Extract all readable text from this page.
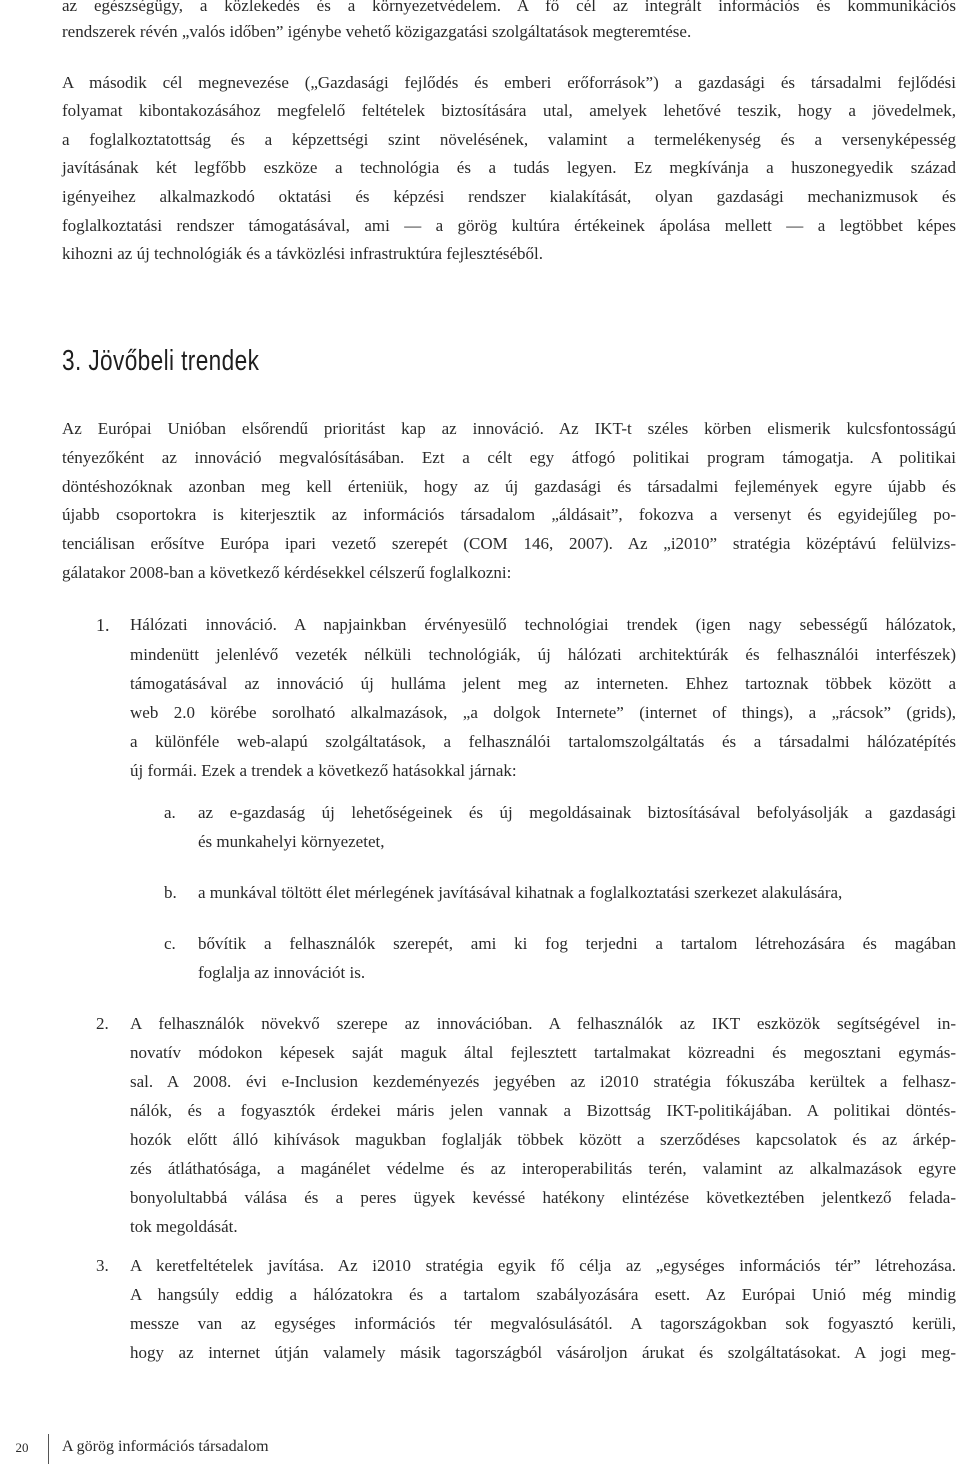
az egészségügy, a közlekedés és a környezetvédelem. A fő cél az integrált információs és kommunikációs
rendszerek révén „valós időben” igénybe vehető közigazgatási szolgáltatások megteremtése.
A második cél megnevezése („Gazdasági fejlődés és emberi erőforrások”) a gazdasági és társadalmi fejlődési
folyamat kibontakozásához megfelelő feltételek biztosítására utal, amelyek lehetővé teszik, hogy a jövedelmek,
a foglalkoztatottság és a képzettségi szint növelésének, valamint a termelékenység és a versenyképesség
javításának két legfőbb eszköze a technológia és a tudás legyen. Ez megkívánja a huszonegyedik század
igényeihez alkalmazkodó oktatási és képzési rendszer kialakítását, olyan gazdasági mechanizmusok és
foglalkoztatási rendszer támogatásával, ami — a görög kultúra értékeinek ápolása mellett — a legtöbbet képes
kihozni az új technológiák és a távközlési infrastruktúra fejlesztéséből.
3. Jövőbeli trendek
Az Európai Unióban elsőrendű prioritást kap az innováció. Az IKT-t széles körben elismerik kulcsfontosságú
tényezőként az innováció megvalósításában. Ezt a célt egy átfogó politikai program támogatja. A politikai
döntéshozóknak azonban meg kell érteniük, hogy az új gazdasági és társadalmi fejlemények egyre újabb és
újabb csoportokra is kiterjesztik az információs társadalom „áldásait”, fokozva a versenyt és egyidejűleg po-
tenciálisan erősítve Európa ipari vezető szerepét (COM 146, 2007). Az „i2010” stratégia középtávú felülvizs-
gálatakor 2008-ban a következő kérdésekkel célszerű foglalkozni:
1. Hálózati innováció. A napjainkban érvényesülő technológiai trendek (igen nagy sebességű hálózatok,
mindenütt jelenlévő vezeték nélküli technológiák, új hálózati architektúrák és felhasználói interfészek)
támogatásával az innováció új hulláma jelent meg az interneten. Ehhez tartoznak többek között a
web 2.0 körébe sorolható alkalmazások, „a dolgok Internete” (internet of things), a „rácsok” (grids),
a különféle web-alapú szolgáltatások, a felhasználói tartalomszolgáltatás és a társadalmi hálózatépítés
új formái. Ezek a trendek a következő hatásokkal járnak:
a. az e-gazdaság új lehetőségeinek és új megoldásainak biztosításával befolyásolják a gazdasági
és munkahelyi környezetet,
b. a munkával töltött élet mérlegének javításával kihatnak a foglalkoztatási szerkezet alakulására,
c. bővítik a felhasználók szerepét, ami ki fog terjedni a tartalom létrehozására és magában
foglalja az innovációt is.
2. A felhasználók növekvő szerepe az innovációban. A felhasználók az IKT eszközök segítségével in-
novatív módokon képesek saját maguk által fejlesztett tartalmakat közreadni és megosztani egymás-
sal. A 2008. évi e-Inclusion kezdeményezés jegyében az i2010 stratégia fókuszába kerültek a felhasz-
nálók, és a fogyasztók érdekei máris jelen vannak a Bizottság IKT-politikájában. A politikai döntés-
hozók előtt álló kihívások magukban foglalják többek között a szerződéses kapcsolatok és az árkép-
zés átláthatósága, a magánélet védelme és az interoperabilitás terén, valamint az alkalmazások egyre
bonyolultabbá válása és a peres ügyek kevéssé hatékony elintézése következtében jelentkező felada-
tok megoldását.
3. A keretfeltételek javítása. Az i2010 stratégia egyik fő célja az „egységes információs tér” létrehozása.
A hangsúly eddig a hálózatokra és a tartalom szabályozására esett. Az Európai Unió még mindig
messze van az egységes információs tér megvalósulásától. A tagországokban sok fogyasztó kerüli,
hogy az internet útján valamely másik tagországból vásároljon árukat és szolgáltatásokat. A jogi meg-
20	A görög információs társadalom
